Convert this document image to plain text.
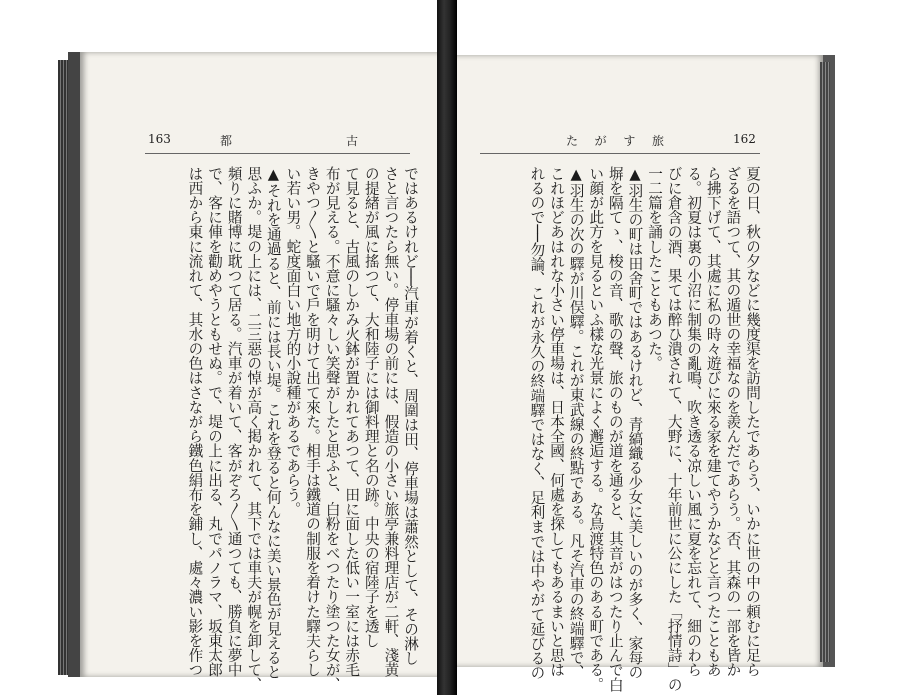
163	都	古	162
た が す 旅
ではあるけれど──汽車が着くと、周圍は田、停車場は蕭然として、その淋し
さと言つたら無い。停車場の前には、假造の小さい旅亭兼料理店が二軒、淺黄
の提緖が風に搖つて、大和陸子には御料理と名の跡。中央の宿陸子を透し
て見ると、古風のしかみ火鉢が置かれてあつて、田に面した低い一室には赤毛
布が見える。不意に騷々しい笑聲がしたと思ふと、白粉をべつたり塗つた女が、
きやつ〳〵と騷いで戶を明けて出て來た。相手は鐵道の制服を着けた驛夫らし
い若い男。蛇度面白い地方的小說種があるであらう。
▲それを通過ると、前には長い堤。これを登ると何んなに美い景色が見えると
思ふか。堤の上には、二三惡の悼が高く掲かれて、其下では車夫が幌を卸して、
頻りに賭博に耽つて居る。汽車が着いて、客がぞろ〳〵通つても、勝負に夢中
で、客に俥を勸めやうともせぬ。で、堤の上に出る、丸でパノラマ、坂東太郎
は西から東に流れて、其水の色はさながら鐵色絹布を鋪し、處々濃い影を作つ	夏の日、秋の夕などに幾度渠を訪問したであらう、いかに世の中の頼むに足ら
ざるを語つて、其の遁世の幸福なのを羨んだであらう。否、其森の一部を皆か
ら拂下げて、其處に私の時々遊びに來る家を建てやうかなどと言つたこともあ
る。初夏は裏の小沼に制集の亂鳴、吹き透る凉しい風に夏を忘れて、細のわら
びに倉含の酒、果ては醉ひ潰されて、大野に、十年前世に公にした「抒情詩」の
一二篇を誦したこともあつた。
▲羽生の町は田舍町ではあるけれど、青縞織る少女に美しいのが多く、家每の
塀を隔てゝ、梭の音、歌の聲、旅のものが道を通ると、其音がはつたり止んで白
い顔が此方を見るといふ樣な光景によく邂逅する。な鳥渡特色のある町である。
▲羽生の次の驛が川俣驛。これが東武線の終點である。凡そ汽車の終端驛で、
これほどあはれな小さい停車場は、日本全國、何處を探してもあるまいと思は
れるので──勿論、これが永久の終端驛ではなく、足利までは中やがて延びるの
